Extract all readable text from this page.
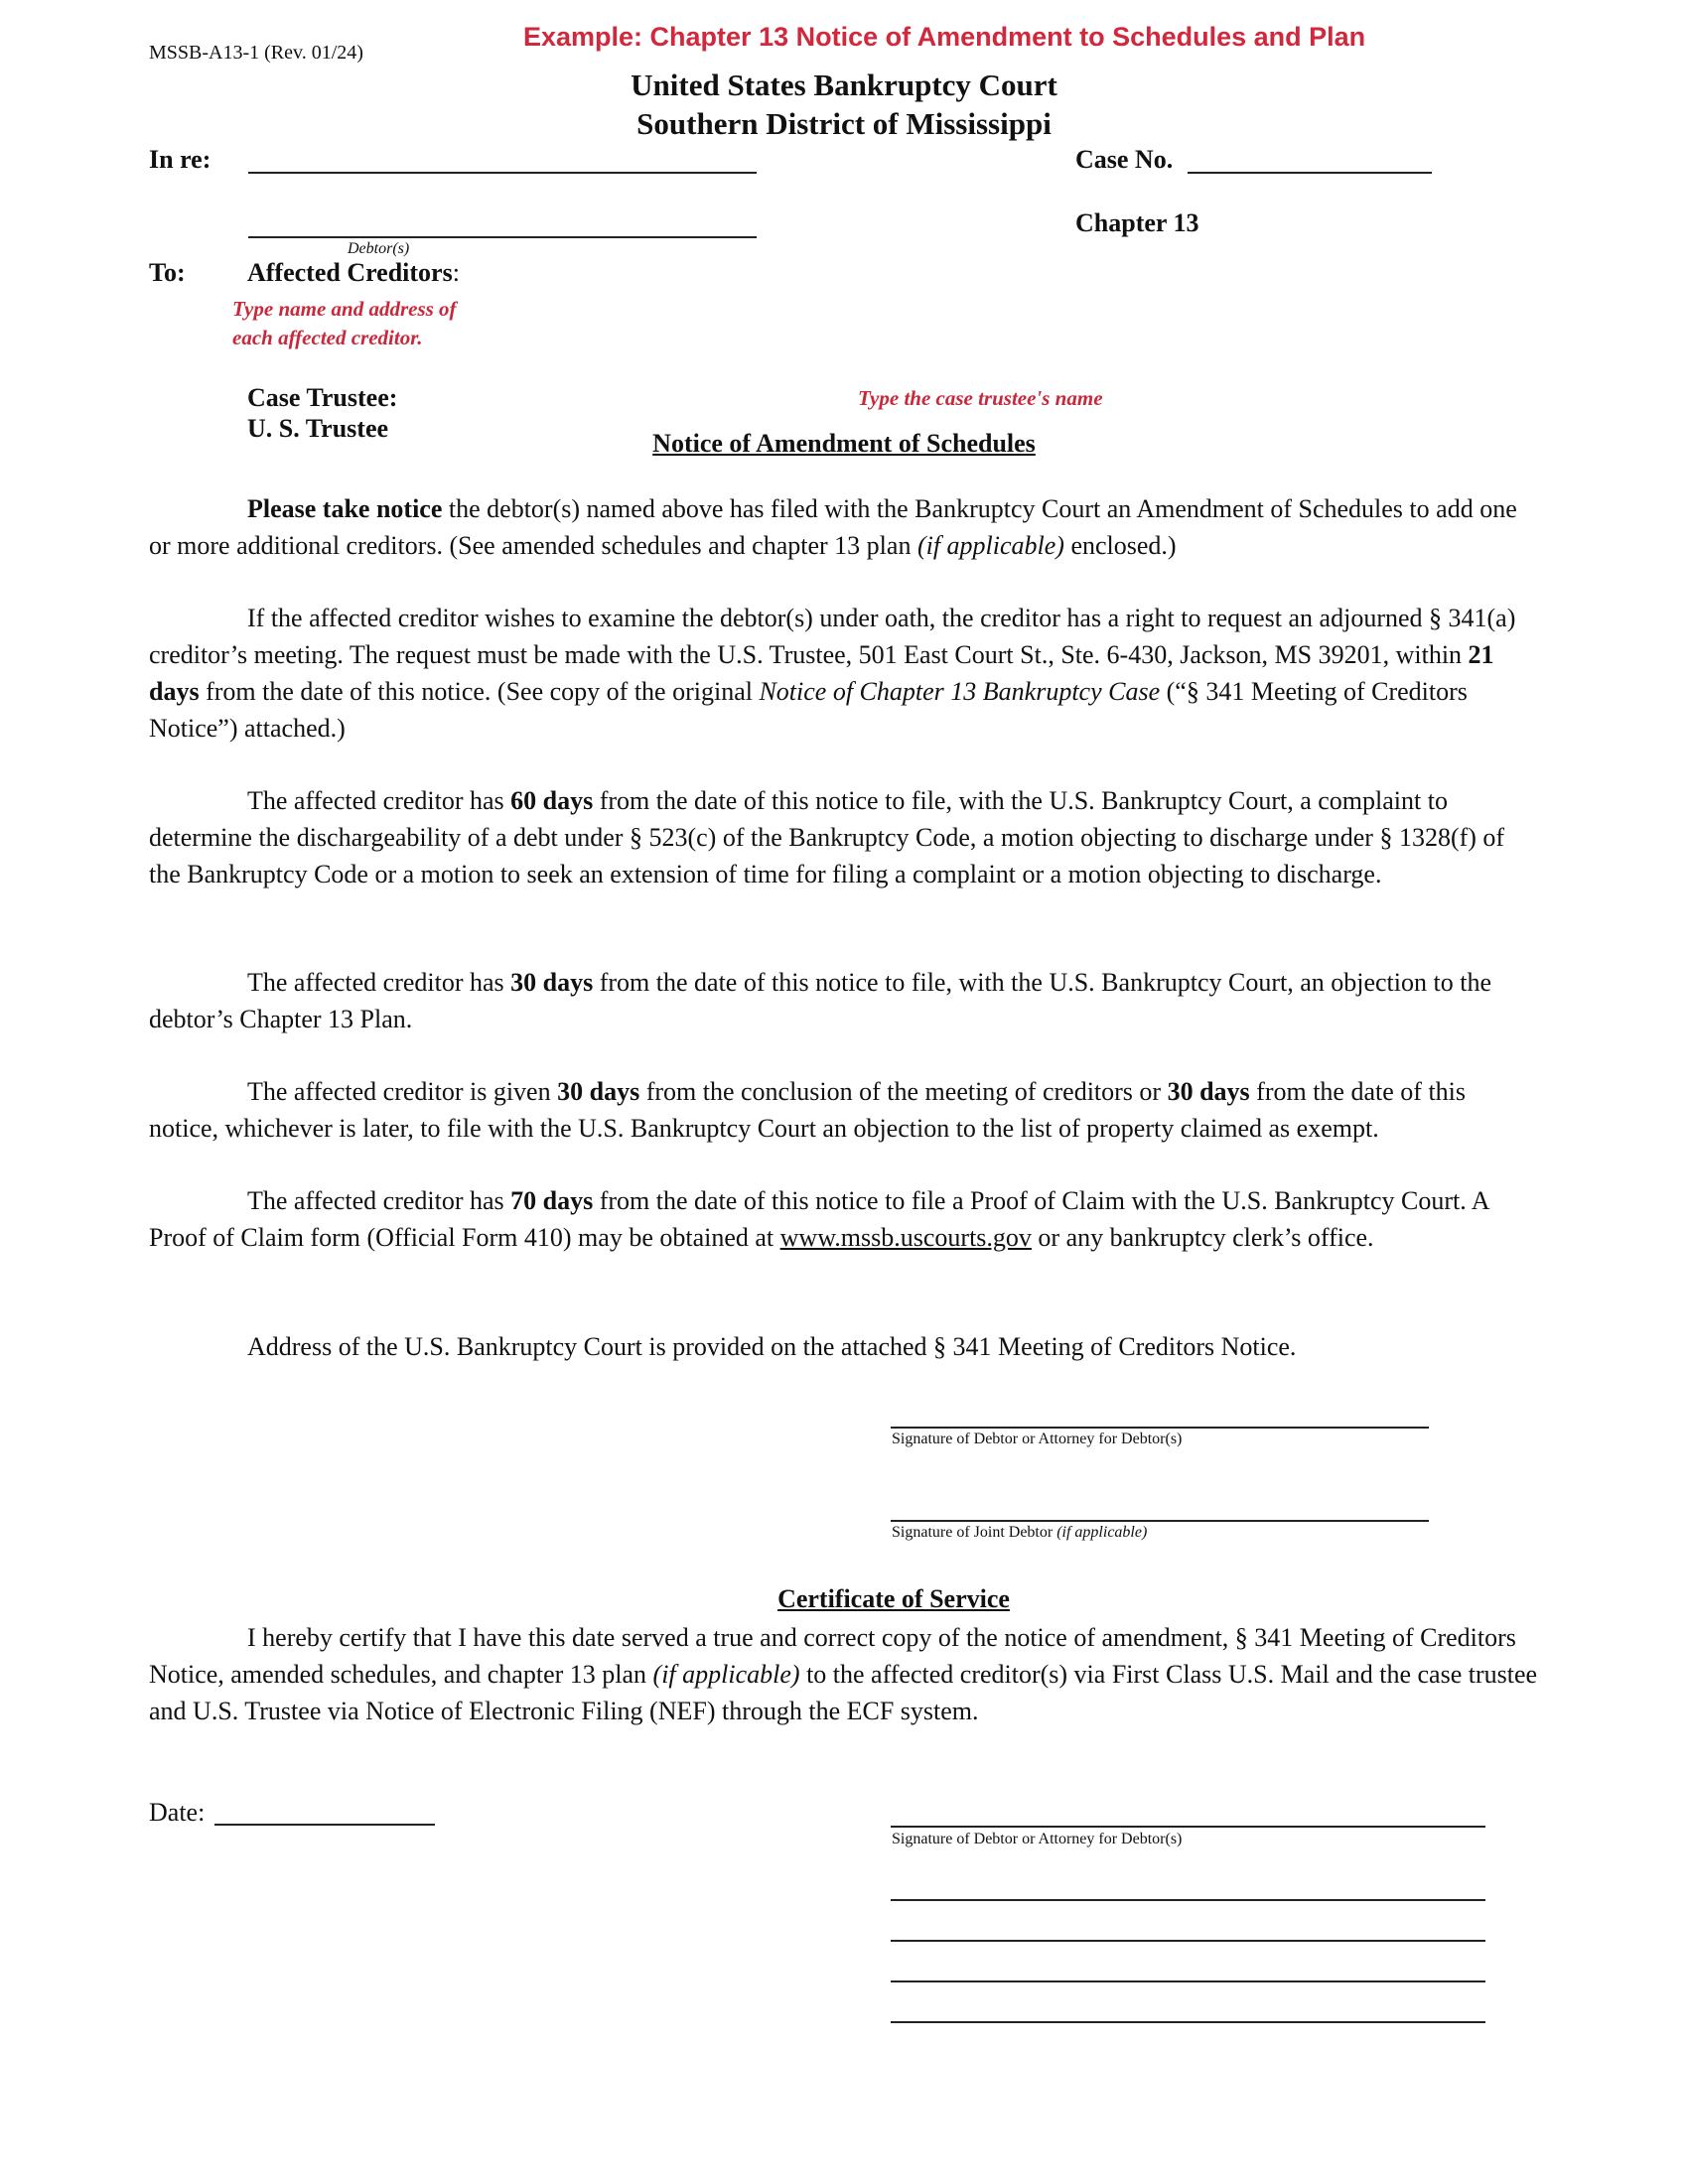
MSSB-A13-1 (Rev. 01/24)
Example: Chapter 13 Notice of Amendment to Schedules and Plan
United States Bankruptcy Court
Southern District of Mississippi
In re:
Debtor(s)
Case No.
Chapter 13
To: Affected Creditors:
Type name and address of
each affected creditor.
Case Trustee:	Type the case trustee's name
U. S. Trustee
Notice of Amendment of Schedules
Please take notice the debtor(s) named above has filed with the Bankruptcy Court an Amendment of Schedules to add one or more additional creditors. (See amended schedules and chapter 13 plan (if applicable) enclosed.)
If the affected creditor wishes to examine the debtor(s) under oath, the creditor has a right to request an adjourned § 341(a) creditor’s meeting. The request must be made with the U.S. Trustee, 501 East Court St., Ste. 6-430, Jackson, MS 39201, within 21 days from the date of this notice. (See copy of the original Notice of Chapter 13 Bankruptcy Case (“§ 341 Meeting of Creditors Notice”) attached.)
The affected creditor has 60 days from the date of this notice to file, with the U.S. Bankruptcy Court, a complaint to determine the dischargeability of a debt under § 523(c) of the Bankruptcy Code, a motion objecting to discharge under § 1328(f) of the Bankruptcy Code or a motion to seek an extension of time for filing a complaint or a motion objecting to discharge.
The affected creditor has 30 days from the date of this notice to file, with the U.S. Bankruptcy Court, an objection to the debtor’s Chapter 13 Plan.
The affected creditor is given 30 days from the conclusion of the meeting of creditors or 30 days from the date of this notice, whichever is later, to file with the U.S. Bankruptcy Court an objection to the list of property claimed as exempt.
The affected creditor has 70 days from the date of this notice to file a Proof of Claim with the U.S. Bankruptcy Court. A Proof of Claim form (Official Form 410) may be obtained at www.mssb.uscourts.gov or any bankruptcy clerk’s office.
Address of the U.S. Bankruptcy Court is provided on the attached § 341 Meeting of Creditors Notice.
Signature of Debtor or Attorney for Debtor(s)
Signature of Joint Debtor (if applicable)
Certificate of Service
I hereby certify that I have this date served a true and correct copy of the notice of amendment, § 341 Meeting of Creditors Notice, amended schedules, and chapter 13 plan (if applicable) to the affected creditor(s) via First Class U.S. Mail and the case trustee and U.S. Trustee via Notice of Electronic Filing (NEF) through the ECF system.
Date:
Signature of Debtor or Attorney for Debtor(s)
